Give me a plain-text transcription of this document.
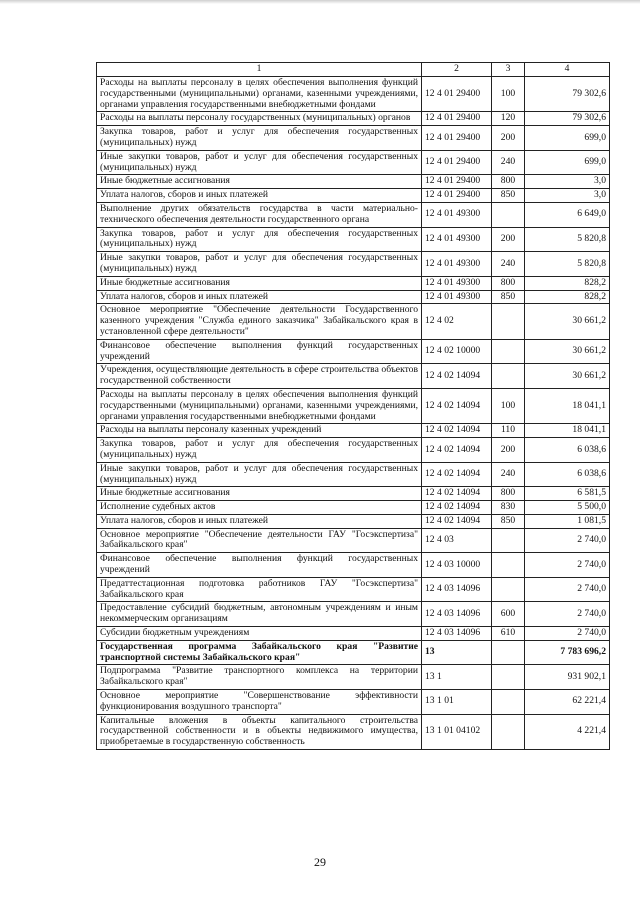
1	2	3	4
Расходы на выплаты персоналу в целях обеспечения выполнения функций государственными (муниципальными) органами, казенными учреждениями, органами управления государственными внебюджетными фондами	12 4 01 29400	100	79 302,6
Расходы на выплаты персоналу государственных (муниципальных) органов	12 4 01 29400	120	79 302,6
Закупка товаров, работ и услуг для обеспечения государственных (муниципальных) нужд	12 4 01 29400	200	699,0
Иные закупки товаров, работ и услуг для обеспечения государственных (муниципальных) нужд	12 4 01 29400	240	699,0
Иные бюджетные ассигнования	12 4 01 29400	800	3,0
Уплата налогов, сборов и иных платежей	12 4 01 29400	850	3,0
Выполнение других обязательств государства в части материально-технического обеспечения деятельности государственного органа	12 4 01 49300		6 649,0
Закупка товаров, работ и услуг для обеспечения государственных (муниципальных) нужд	12 4 01 49300	200	5 820,8
Иные закупки товаров, работ и услуг для обеспечения государственных (муниципальных) нужд	12 4 01 49300	240	5 820,8
Иные бюджетные ассигнования	12 4 01 49300	800	828,2
Уплата налогов, сборов и иных платежей	12 4 01 49300	850	828,2
Основное мероприятие "Обеспечение деятельности Государственного казенного учреждения "Служба единого заказчика" Забайкальского края в установленной сфере деятельности"	12 4 02		30 661,2
Финансовое обеспечение выполнения функций государственных учреждений	12 4 02 10000		30 661,2
Учреждения, осуществляющие деятельность в сфере строительства объектов государственной собственности	12 4 02 14094		30 661,2
Расходы на выплаты персоналу в целях обеспечения выполнения функций государственными (муниципальными) органами, казенными учреждениями, органами управления государственными внебюджетными фондами	12 4 02 14094	100	18 041,1
Расходы на выплаты персоналу казенных учреждений	12 4 02 14094	110	18 041,1
Закупка товаров, работ и услуг для обеспечения государственных (муниципальных) нужд	12 4 02 14094	200	6 038,6
Иные закупки товаров, работ и услуг для обеспечения государственных (муниципальных) нужд	12 4 02 14094	240	6 038,6
Иные бюджетные ассигнования	12 4 02 14094	800	6 581,5
Исполнение судебных актов	12 4 02 14094	830	5 500,0
Уплата налогов, сборов и иных платежей	12 4 02 14094	850	1 081,5
Основное мероприятие "Обеспечение деятельности ГАУ "Госэкспертиза" Забайкальского края"	12 4 03		2 740,0
Финансовое обеспечение выполнения функций государственных учреждений	12 4 03 10000		2 740,0
Предаттестационная подготовка работников ГАУ "Госэкспертиза" Забайкальского края	12 4 03 14096		2 740,0
Предоставление субсидий бюджетным, автономным учреждениям и иным некоммерческим организациям	12 4 03 14096	600	2 740,0
Субсидии бюджетным учреждениям	12 4 03 14096	610	2 740,0
Государственная программа Забайкальского края "Развитие транспортной системы Забайкальского края"	13		7 783 696,2
Подпрограмма "Развитие транспортного комплекса на территории Забайкальского края"	13 1		931 902,1
Основное мероприятие "Совершенствование эффективности функционирования воздушного транспорта"	13 1 01		62 221,4
Капитальные вложения в объекты капитального строительства государственной собственности и в объекты недвижимого имущества, приобретаемые в государственную собственность	13 1 01 04102		4 221,4
29
